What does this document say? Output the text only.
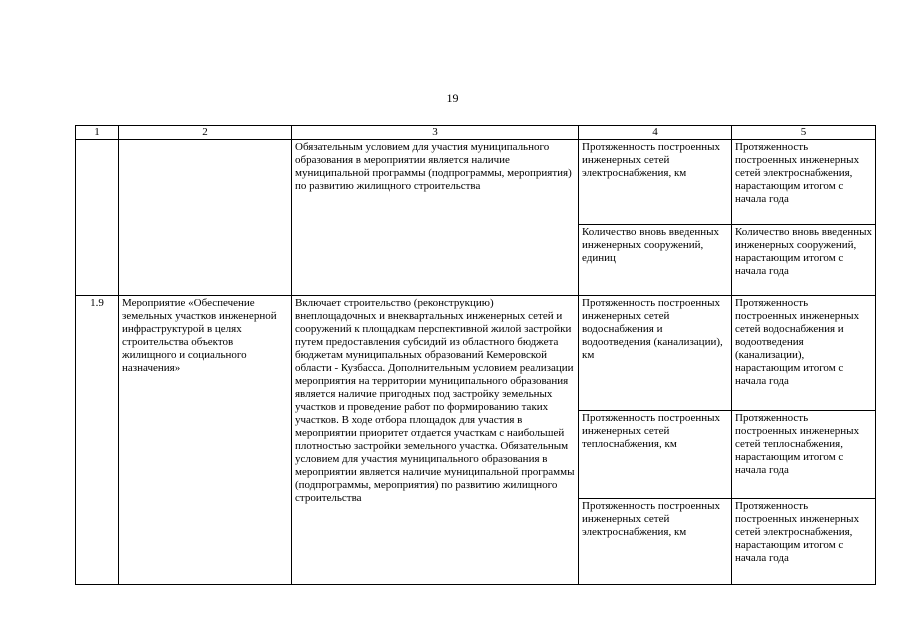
19
1	2	3	4	5
		Обязательным условием для участия муниципального образования в мероприятии является наличие муниципальной программы (подпрограммы, мероприятия) по развитию жилищного строительства	Протяженность построенных инженерных сетей электроснабжения, км	Протяженность построенных инженерных сетей электроснабжения, нарастающим итогом с начала года
			Количество вновь введенных инженерных сооружений, единиц	Количество вновь введенных инженерных сооружений, нарастающим итогом с начала года
1.9	Мероприятие «Обеспечение земельных участков инженерной инфраструктурой в целях строительства объектов жилищного и социального назначения»	Включает строительство (реконструкцию) внеплощадочных и внеквартальных инженерных сетей и сооружений к площадкам перспективной жилой застройки путем предоставления субсидий из областного бюджета бюджетам муниципальных образований Кемеровской области - Кузбасса. Дополнительным условием реализации мероприятия на территории муниципального образования является наличие пригодных под застройку земельных участков и проведение работ по формированию таких участков. В ходе отбора площадок для участия в мероприятии приоритет отдается участкам с наибольшей плотностью застройки земельного участка. Обязательным условием для участия муниципального образования в мероприятии является наличие муниципальной программы (подпрограммы, мероприятия) по развитию жилищного строительства	Протяженность построенных инженерных сетей водоснабжения и водоотведения (канализации), км	Протяженность построенных инженерных сетей водоснабжения и водоотведения (канализации), нарастающим итогом с начала года
			Протяженность построенных инженерных сетей теплоснабжения, км	Протяженность построенных инженерных сетей теплоснабжения, нарастающим итогом с начала года
			Протяженность построенных инженерных сетей электроснабжения, км	Протяженность построенных инженерных сетей электроснабжения, нарастающим итогом с начала года
